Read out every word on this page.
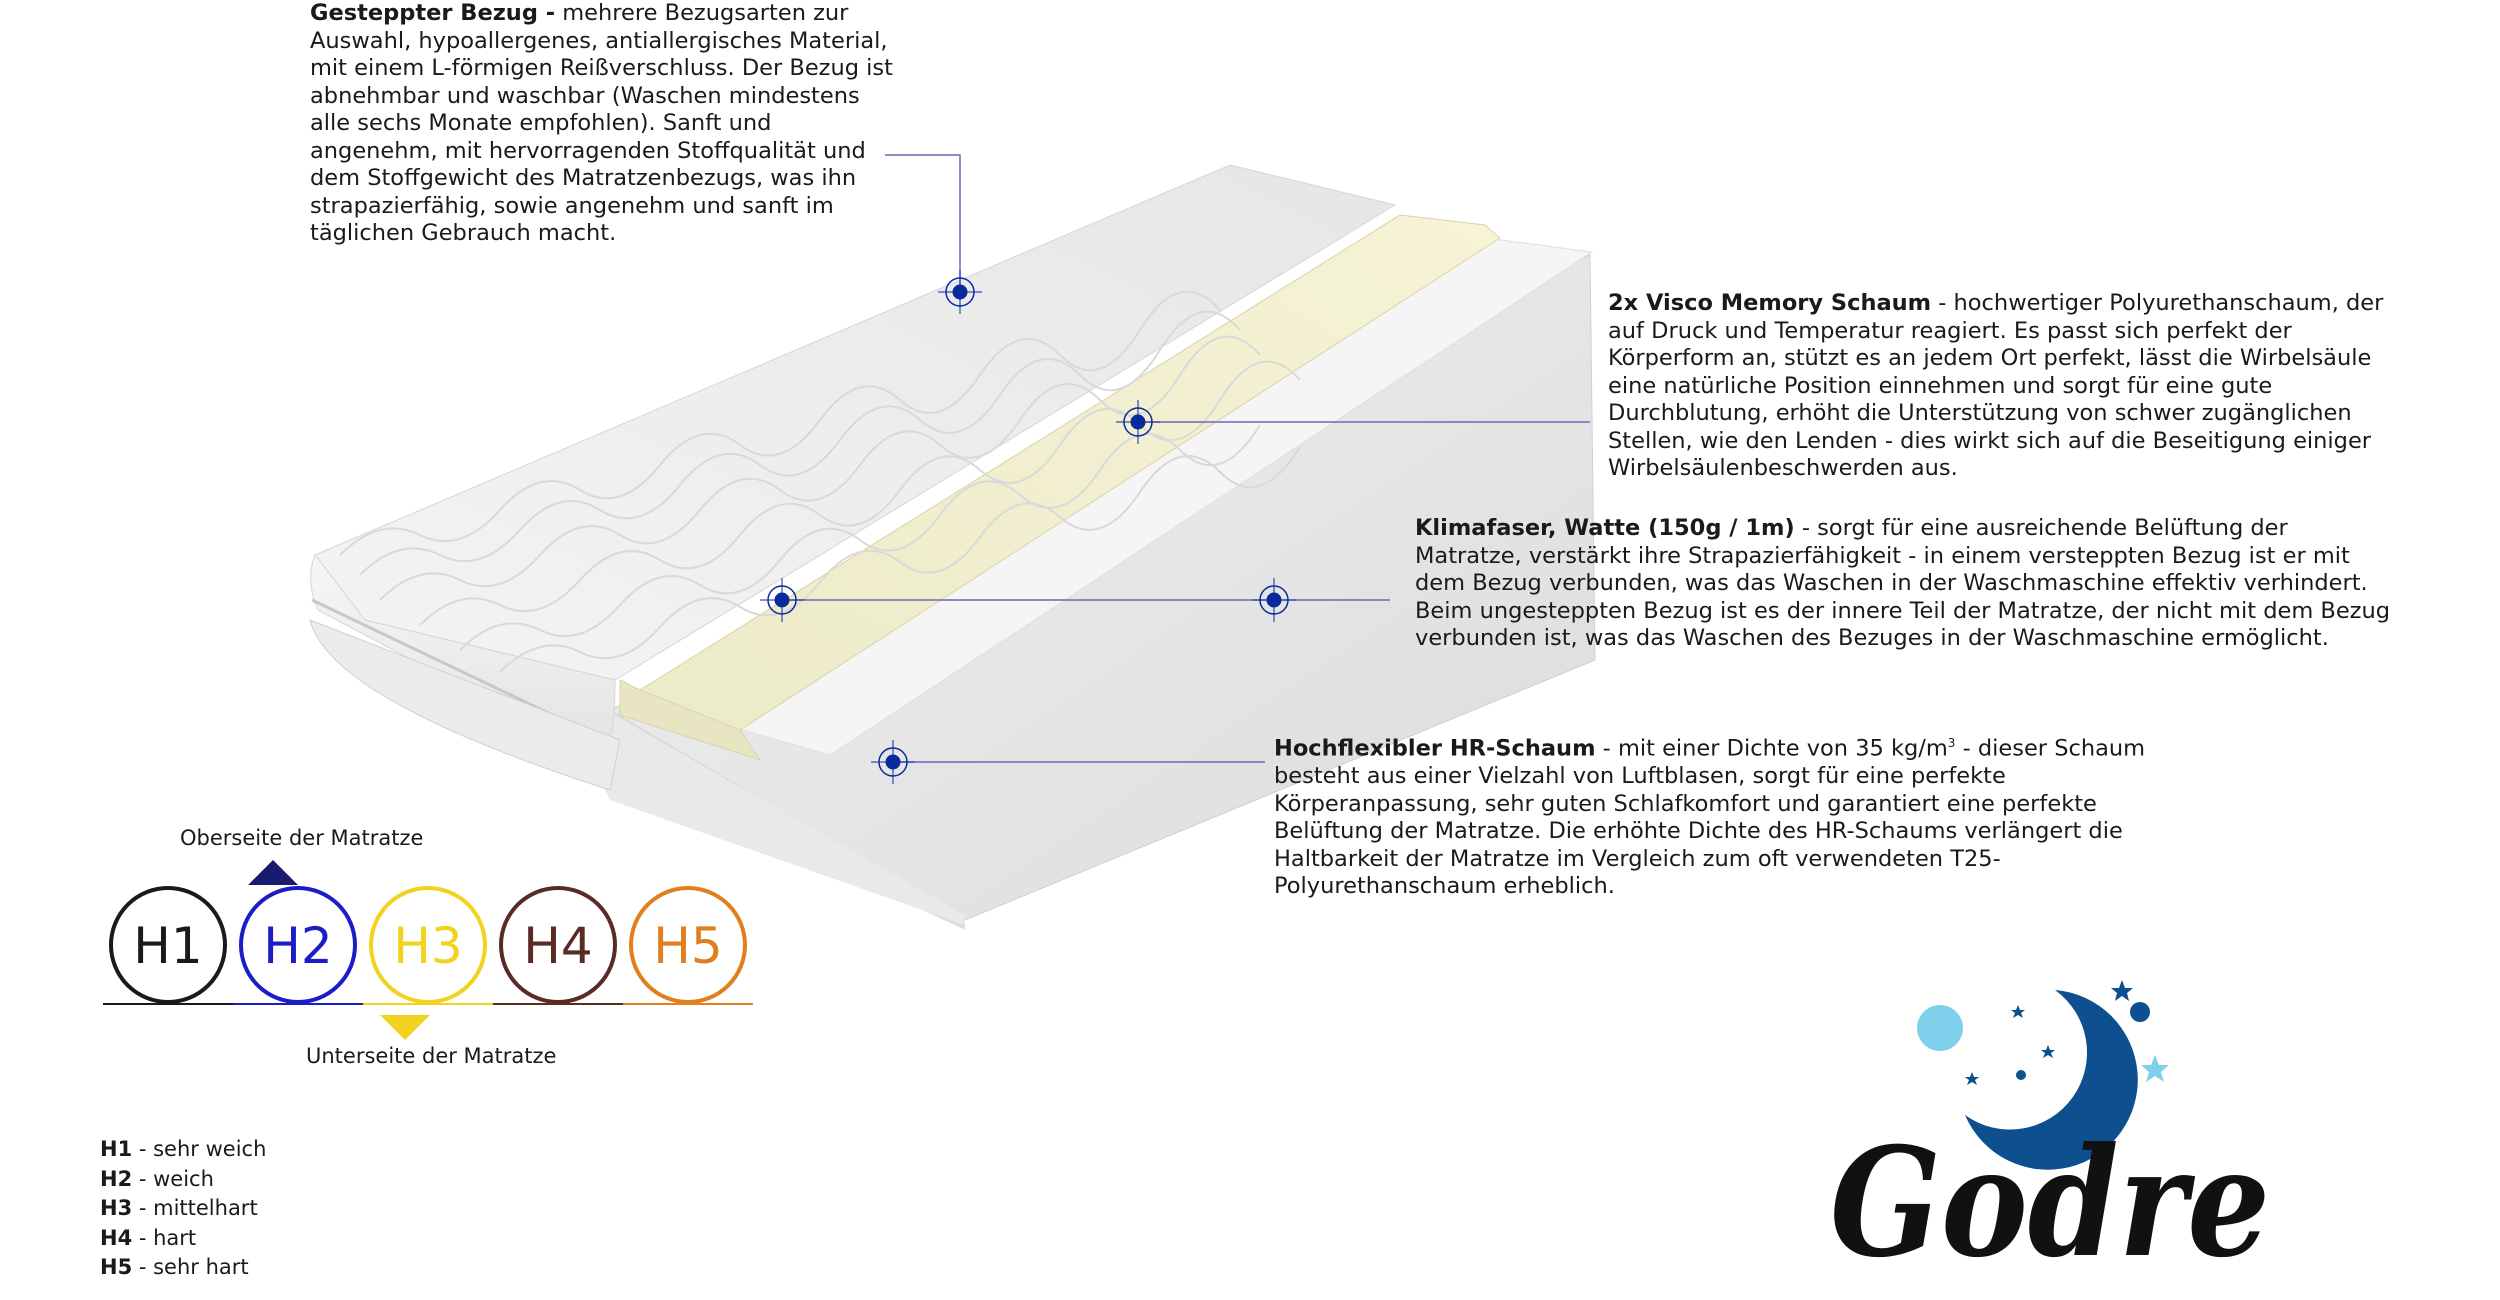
Gesteppter Bezug - mehrere Bezugsarten zur Auswahl, hypoallergenes, antiallergisches Material, mit einem L-förmigen Reißverschluss. Der Bezug ist abnehmbar und waschbar (Waschen mindestens alle sechs Monate empfohlen). Sanft und angenehm, mit hervorragenden Stoffqualität und dem Stoffgewicht des Matratzenbezugs, was ihn strapazierfähig, sowie angenehm und sanft im täglichen Gebrauch macht.
2x Visco Memory Schaum - hochwertiger Polyurethanschaum, der auf Druck und Temperatur reagiert. Es passt sich perfekt der Körperform an, stützt es an jedem Ort perfekt, lässt die Wirbelsäule eine natürliche Position einnehmen und sorgt für eine gute Durchblutung, erhöht die Unterstützung von schwer zugänglichen Stellen, wie den Lenden - dies wirkt sich auf die Beseitigung einiger Wirbelsäulenbeschwerden aus.
Klimafaser, Watte (150g / 1m) - sorgt für eine ausreichende Belüftung der Matratze, verstärkt ihre Strapazierfähigkeit - in einem versteppten Bezug ist er mit dem Bezug verbunden, was das Waschen in der Waschmaschine effektiv verhindert. Beim ungesteppten Bezug ist es der innere Teil der Matratze, der nicht mit dem Bezug verbunden ist, was das Waschen des Bezuges in der Waschmaschine ermöglicht.
Hochflexibler HR-Schaum - mit einer Dichte von 35 $kg/m^3$ - dieser Schaum besteht aus einer Vielzahl von Luftblasen, sorgt für eine perfekte Körperanpassung, sehr guten Schlafkomfort und garantiert eine perfekte Belüftung der Matratze. Die erhöhte Dichte des HR-Schaums verlängert die Haltbarkeit der Matratze im Vergleich zum oft verwendeten T25-Polyurethanschaum erheblich.
Oberseite der Matratze
Unterseite der Matratze
H1 H2 H3 H4 H5
H1 - sehr weich
H2 - weich
H3 - mittelhart
H4 - hart
H5 - sehr hart	Godre
